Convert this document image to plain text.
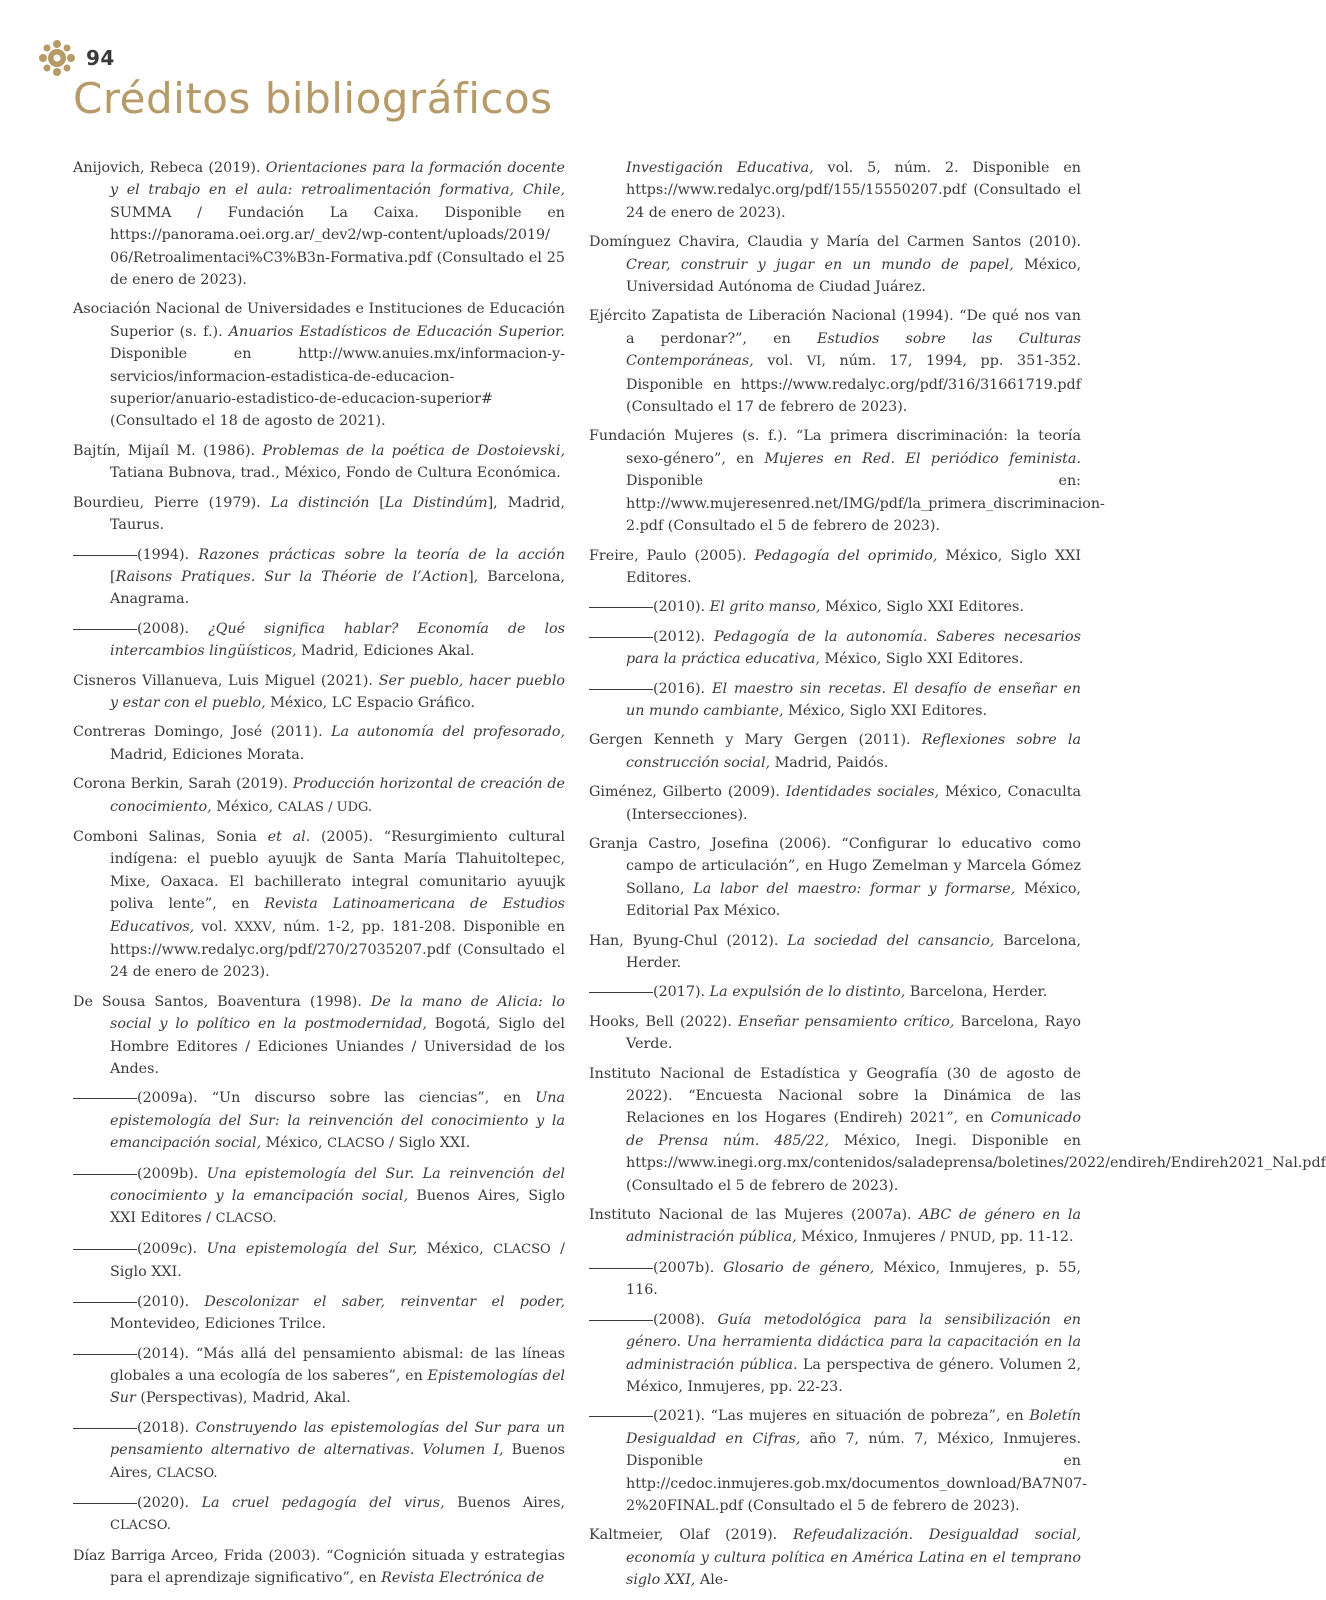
94
Créditos bibliográficos

Anijovich, Rebeca (2019). Orientaciones para la formación docente y el trabajo en el aula: retroalimentación formativa, Chile, SUMMA / Fundación La Caixa. Disponible en https://panorama.oei.org.ar/_dev2/wp-content/uploads/2019/ 06/Retroalimentaci%C3%B3n-Formativa.pdf (Consultado el 25 de enero de 2023).

Asociación Nacional de Universidades e Instituciones de Educación Superior (s. f.). Anuarios Estadísticos de Educación Superior. Disponible en http://www.anuies.mx/informacion-y-servicios/informacion-estadistica-de-educacion-superior/anuario-estadistico-de-educacion-superior# (Consultado el 18 de agosto de 2021).

Bajtín, Mijaíl M. (1986). Problemas de la poética de Dostoievski, Tatiana Bubnova, trad., México, Fondo de Cultura Económica.

Bourdieu, Pierre (1979). La distinción [La Distindúm], Madrid, Taurus.

(1994). Razones prácticas sobre la teoría de la acción [Raisons Pratiques. Sur la Théorie de l’Action], Barcelona, Anagrama.

(2008). ¿Qué significa hablar? Economía de los intercambios lingüísticos, Madrid, Ediciones Akal.

Cisneros Villanueva, Luis Miguel (2021). Ser pueblo, hacer pueblo y estar con el pueblo, México, LC Espacio Gráfico.

Contreras Domingo, José (2011). La autonomía del profesorado, Madrid, Ediciones Morata.

Corona Berkin, Sarah (2019). Producción horizontal de creación de conocimiento, México, CALAS / UDG.

Comboni Salinas, Sonia et al. (2005). “Resurgimiento cultural indígena: el pueblo ayuujk de Santa María Tlahuitoltepec, Mixe, Oaxaca. El bachillerato integral comunitario ayuujk poliva lente”, en Revista Latinoamericana de Estudios Educativos, vol. XXXV, núm. 1-2, pp. 181-208. Disponible en https://www.redalyc.org/pdf/270/27035207.pdf (Consultado el 24 de enero de 2023).

De Sousa Santos, Boaventura (1998). De la mano de Alicia: lo social y lo político en la postmodernidad, Bogotá, Siglo del Hombre Editores / Ediciones Uniandes / Universidad de los Andes.

(2009a). “Un discurso sobre las ciencias”, en Una epistemología del Sur: la reinvención del conocimiento y la emancipación social, México, CLACSO / Siglo XXI.

(2009b). Una epistemología del Sur. La reinvención del conocimiento y la emancipación social, Buenos Aires, Siglo XXI Editores / CLACSO.

(2009c). Una epistemología del Sur, México, CLACSO / Siglo XXI.

(2010). Descolonizar el saber, reinventar el poder, Montevideo, Ediciones Trilce.

(2014). “Más allá del pensamiento abismal: de las líneas globales a una ecología de los saberes”, en Epistemologías del Sur (Perspectivas), Madrid, Akal.

(2018). Construyendo las epistemologías del Sur para un pensamiento alternativo de alternativas. Volumen I, Buenos Aires, CLACSO.

(2020). La cruel pedagogía del virus, Buenos Aires, CLACSO.

Díaz Barriga Arceo, Frida (2003). “Cognición situada y estrategias para el aprendizaje significativo”, en Revista Electrónica de

Investigación Educativa, vol. 5, núm. 2. Disponible en https://www.redalyc.org/pdf/155/15550207.pdf (Consultado el 24 de enero de 2023).

Domínguez Chavira, Claudia y María del Carmen Santos (2010). Crear, construir y jugar en un mundo de papel, México, Universidad Autónoma de Ciudad Juárez.

Ejército Zapatista de Liberación Nacional (1994). “De qué nos van a perdonar?”, en Estudios sobre las Culturas Contemporáneas, vol. VI, núm. 17, 1994, pp. 351-352. Disponible en https://www.redalyc.org/pdf/316/31661719.pdf (Consultado el 17 de febrero de 2023).

Fundación Mujeres (s. f.). “La primera discriminación: la teoría sexo-género”, en Mujeres en Red. El periódico feminista. Disponible en: http://www.mujeresenred.net/IMG/pdf/la_primera_discriminacion-2.pdf (Consultado el 5 de febrero de 2023).

Freire, Paulo (2005). Pedagogía del oprimido, México, Siglo XXI Editores.

(2010). El grito manso, México, Siglo XXI Editores.

(2012). Pedagogía de la autonomía. Saberes necesarios para la práctica educativa, México, Siglo XXI Editores.

(2016). El maestro sin recetas. El desafío de enseñar en un mundo cambiante, México, Siglo XXI Editores.

Gergen Kenneth y Mary Gergen (2011). Reflexiones sobre la construcción social, Madrid, Paidós.

Giménez, Gilberto (2009). Identidades sociales, México, Conaculta (Intersecciones).

Granja Castro, Josefina (2006). “Configurar lo educativo como campo de articulación”, en Hugo Zemelman y Marcela Gómez Sollano, La labor del maestro: formar y formarse, México, Editorial Pax México.

Han, Byung-Chul (2012). La sociedad del cansancio, Barcelona, Herder.

(2017). La expulsión de lo distinto, Barcelona, Herder.

Hooks, Bell (2022). Enseñar pensamiento crítico, Barcelona, Rayo Verde.

Instituto Nacional de Estadística y Geografía (30 de agosto de 2022). “Encuesta Nacional sobre la Dinámica de las Relaciones en los Hogares (Endireh) 2021”, en Comunicado de Prensa núm. 485/22, México, Inegi. Disponible en https://www.inegi.org.mx/contenidos/saladeprensa/boletines/2022/endireh/Endireh2021_Nal.pdf (Consultado el 5 de febrero de 2023).

Instituto Nacional de las Mujeres (2007a). ABC de género en la administración pública, México, Inmujeres / PNUD, pp. 11-12.

(2007b). Glosario de género, México, Inmujeres, p. 55, 116.

(2008). Guía metodológica para la sensibilización en género. Una herramienta didáctica para la capacitación en la administración pública. La perspectiva de género. Volumen 2, México, Inmujeres, pp. 22-23.

(2021). “Las mujeres en situación de pobreza”, en Boletín Desigualdad en Cifras, año 7, núm. 7, México, Inmujeres. Disponible en http://cedoc.inmujeres.gob.mx/documentos_download/BA7N07-2%20FINAL.pdf (Consultado el 5 de febrero de 2023).

Kaltmeier, Olaf (2019). Refeudalización. Desigualdad social, economía y cultura política en América Latina en el temprano siglo XXI, Ale-
